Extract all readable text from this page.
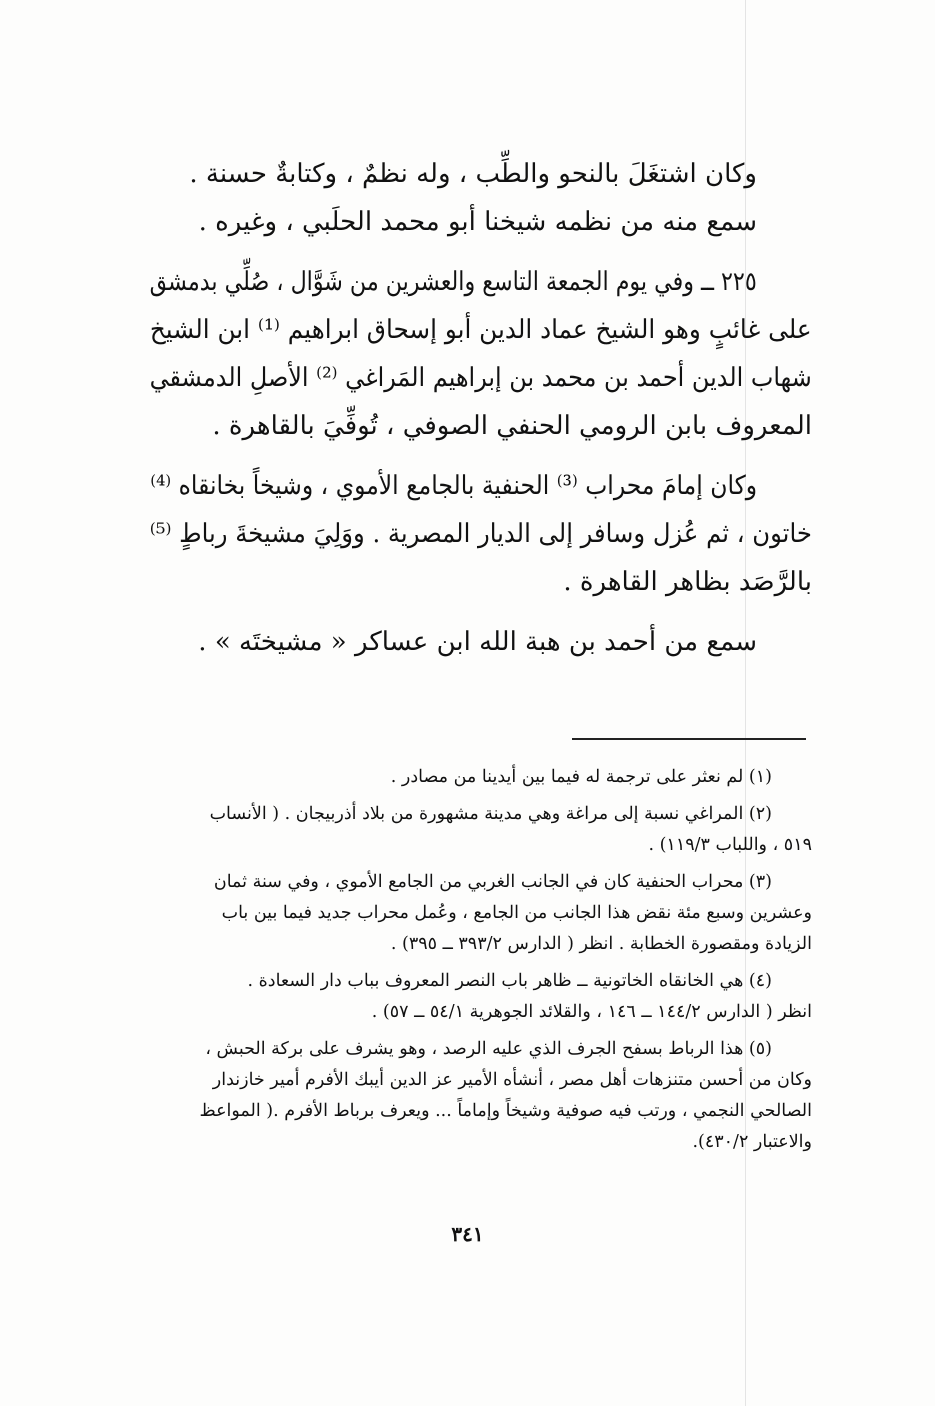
وكان اشتغَلَ بالنحو والطِّب ، وله نظمٌ ، وكتابةٌ حسنة .
سمع منه من نظمه شيخنا أبو محمد الحلَبي ، وغيره .
٢٢٥ ــ وفي يوم الجمعة التاسع والعشرين من شَوَّال ، صُلِّي بدمشق
على غائبٍ وهو الشيخ عماد الدين أبو إسحاق ابراهيم ⁽¹⁾ ابن الشيخ
شهاب الدين أحمد بن محمد بن إبراهيم المَراغي ⁽²⁾ الأصلِ الدمشقي
المعروف بابن الرومي الحنفي الصوفي ، تُوفِّيَ بالقاهرة .
وكان إمامَ محراب ⁽³⁾ الحنفية بالجامع الأموي ، وشيخاً بخانقاه ⁽⁴⁾
خاتون ، ثم عُزل وسافر إلى الديار المصرية . ووَلِيَ مشيخةَ رباطٍ ⁽⁵⁾
بالرَّصَد بظاهر القاهرة .
سمع من أحمد بن هبة الله ابن عساكر « مشيختَه » .
(١) لم نعثر على ترجمة له فيما بين أيدينا من مصادر .
(٢) المراغي نسبة إلى مراغة وهي مدينة مشهورة من بلاد أذربيجان . ( الأنساب
٥١٩ ، واللباب ١١٩/٣) .
(٣) محراب الحنفية كان في الجانب الغربي من الجامع الأموي ، وفي سنة ثمان
وعشرين وسبع مئة نقض هذا الجانب من الجامع ، وعُمل محراب جديد فيما بين باب
الزيادة ومقصورة الخطابة . انظر ( الدارس ٣٩٣/٢ ــ ٣٩٥) .
(٤) هي الخانقاه الخاتونية ــ ظاهر باب النصر المعروف بباب دار السعادة .
انظر ( الدارس ١٤٤/٢ ــ ١٤٦ ، والقلائد الجوهرية ٥٤/١ ــ ٥٧) .
(٥) هذا الرباط بسفح الجرف الذي عليه الرصد ، وهو يشرف على بركة الحبش ،
وكان من أحسن متنزهات أهل مصر ، أنشأه الأمير عز الدين أيبك الأفرم أمير خازندار
الصالحي النجمي ، ورتب فيه صوفية وشيخاً وإماماً ... ويعرف برباط الأفرم .( المواعظ
والاعتبار ٤٣٠/٢).
٣٤١
